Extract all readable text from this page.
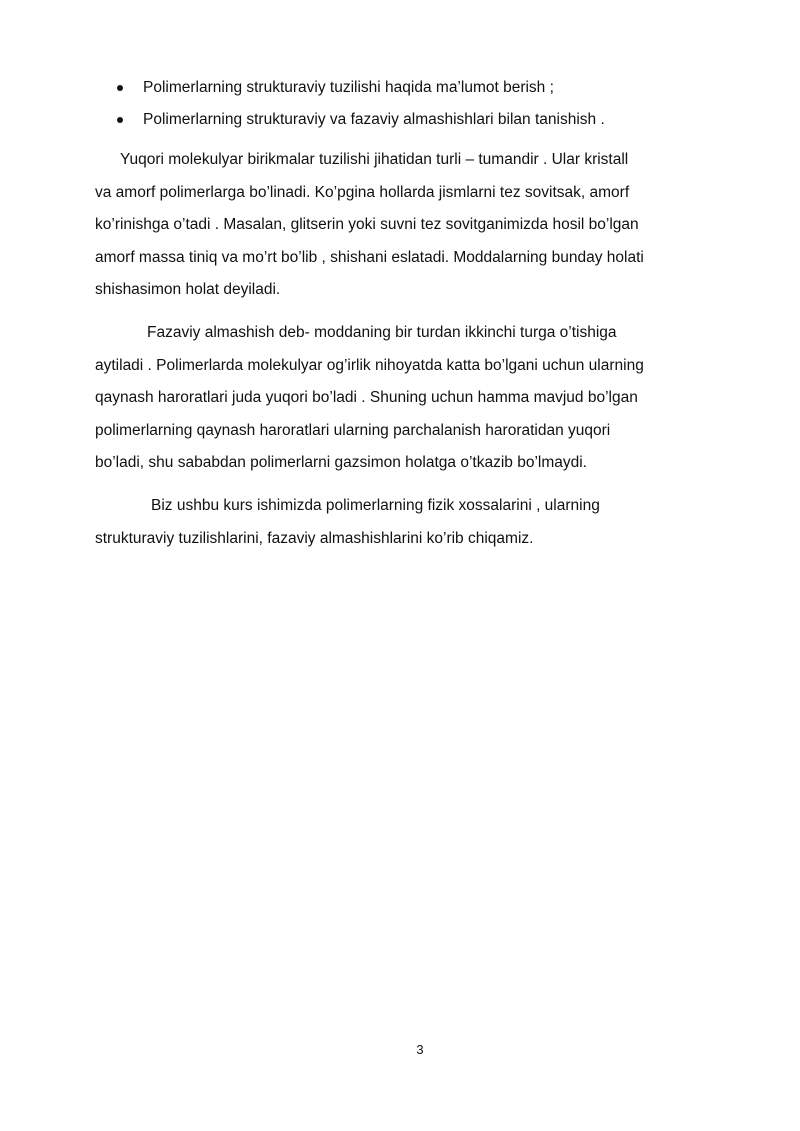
Polimerlarning strukturaviy tuzilishi haqida ma’lumot berish ;
Polimerlarning strukturaviy va fazaviy almashishlari bilan tanishish .

Yuqori molekulyar birikmalar tuzilishi jihatidan turli – tumandir . Ular kristall
va amorf polimerlarga bo’linadi. Ko’pgina hollarda jismlarni tez sovitsak, amorf
ko’rinishga o’tadi . Masalan, glitserin yoki suvni tez sovitganimizda hosil bo’lgan
amorf massa tiniq va mo’rt bo’lib , shishani eslatadi. Moddalarning bunday holati
shishasimon holat deyiladi.

Fazaviy almashish deb- moddaning bir turdan ikkinchi turga o’tishiga
aytiladi . Polimerlarda molekulyar og’irlik nihoyatda katta bo’lgani uchun ularning
qaynash haroratlari juda yuqori bo’ladi . Shuning uchun hamma mavjud bo’lgan
polimerlarning qaynash haroratlari ularning parchalanish haroratidan yuqori
bo’ladi, shu sababdan polimerlarni gazsimon holatga o’tkazib bo’lmaydi.

Biz ushbu kurs ishimizda polimerlarning fizik xossalarini , ularning
strukturaviy tuzilishlarini, fazaviy almashishlarini ko’rib chiqamiz.

3
